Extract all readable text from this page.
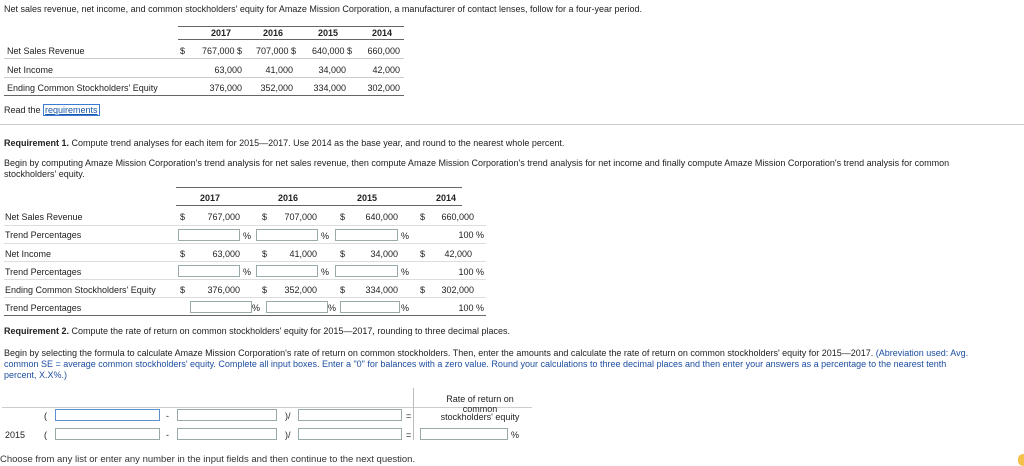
Net sales revenue, net income, and common stockholders' equity for Amaze Mission Corporation, a manufacturer of contact lenses, follow for a four-year period.
2017	2016	2015	2014
Net Sales Revenue	$	767,000 $	707,000 $	640,000 $	660,000
Net Income	63,000	41,000	34,000	42,000
Ending Common Stockholders' Equity	376,000	352,000	334,000	302,000
Read the requirements
Requirement 1. Compute trend analyses for each item for 2015—2017. Use 2014 as the base year, and round to the nearest whole percent.
Begin by computing Amaze Mission Corporation's trend analysis for net sales revenue, then compute Amaze Mission Corporation's trend analysis for net income and finally compute Amaze Mission Corporation's trend analysis for common
stockholders' equity.
2017	2016	2015	2014
Net Sales Revenue	$	767,000 $	707,000	$	640,000 $	660,000
Trend Percentages	%	%	%	100 %
Net Income	$	63,000 $	41,000	$	34,000 $	42,000
Trend Percentages	%	%	%	100 %
Ending Common Stockholders' Equity	$	376,000 $	352,000	$	334,000 $	302,000
Trend Percentages	%	%	%	100 %
Requirement 2. Compute the rate of return on common stockholders' equity for 2015—2017, rounding to three decimal places.
Begin by selecting the formula to calculate Amaze Mission Corporation's rate of return on common stockholders. Then, enter the amounts and calculate the rate of return on common stockholders' equity for 2015—2017. (Abreviation used: Avg.
common SE = average common stockholders' equity. Complete all input boxes. Enter a "0" for balances with a zero value. Round your calculations to three decimal places and then enter your answers as a percentage to the nearest tenth
percent, X.X%.)
Rate of return on common
stockholders' equity
(	-	)/	=
2015 (	-	)/	=	%
Choose from any list or enter any number in the input fields and then continue to the next question.
